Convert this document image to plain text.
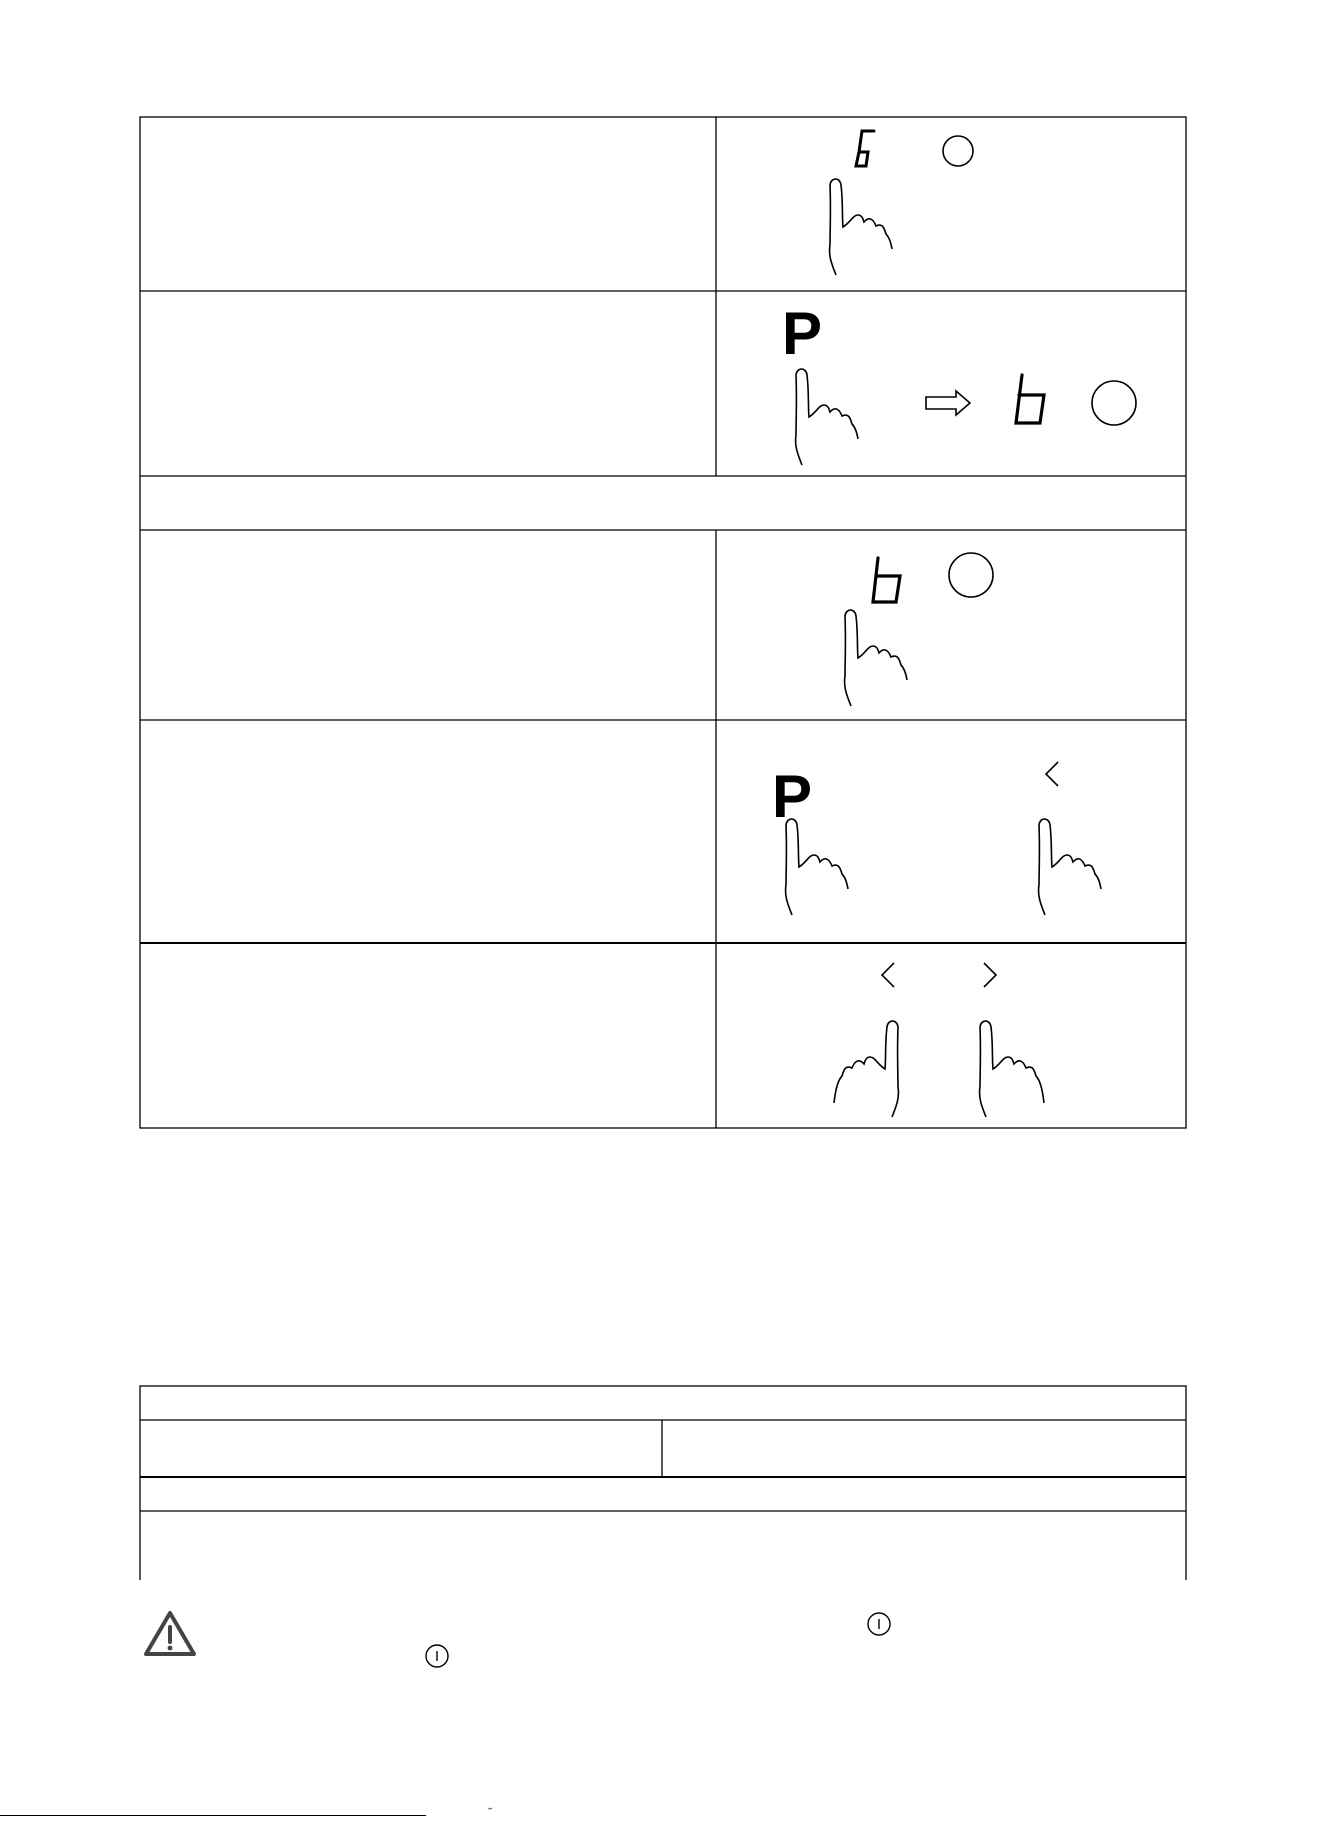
P
P
˝
